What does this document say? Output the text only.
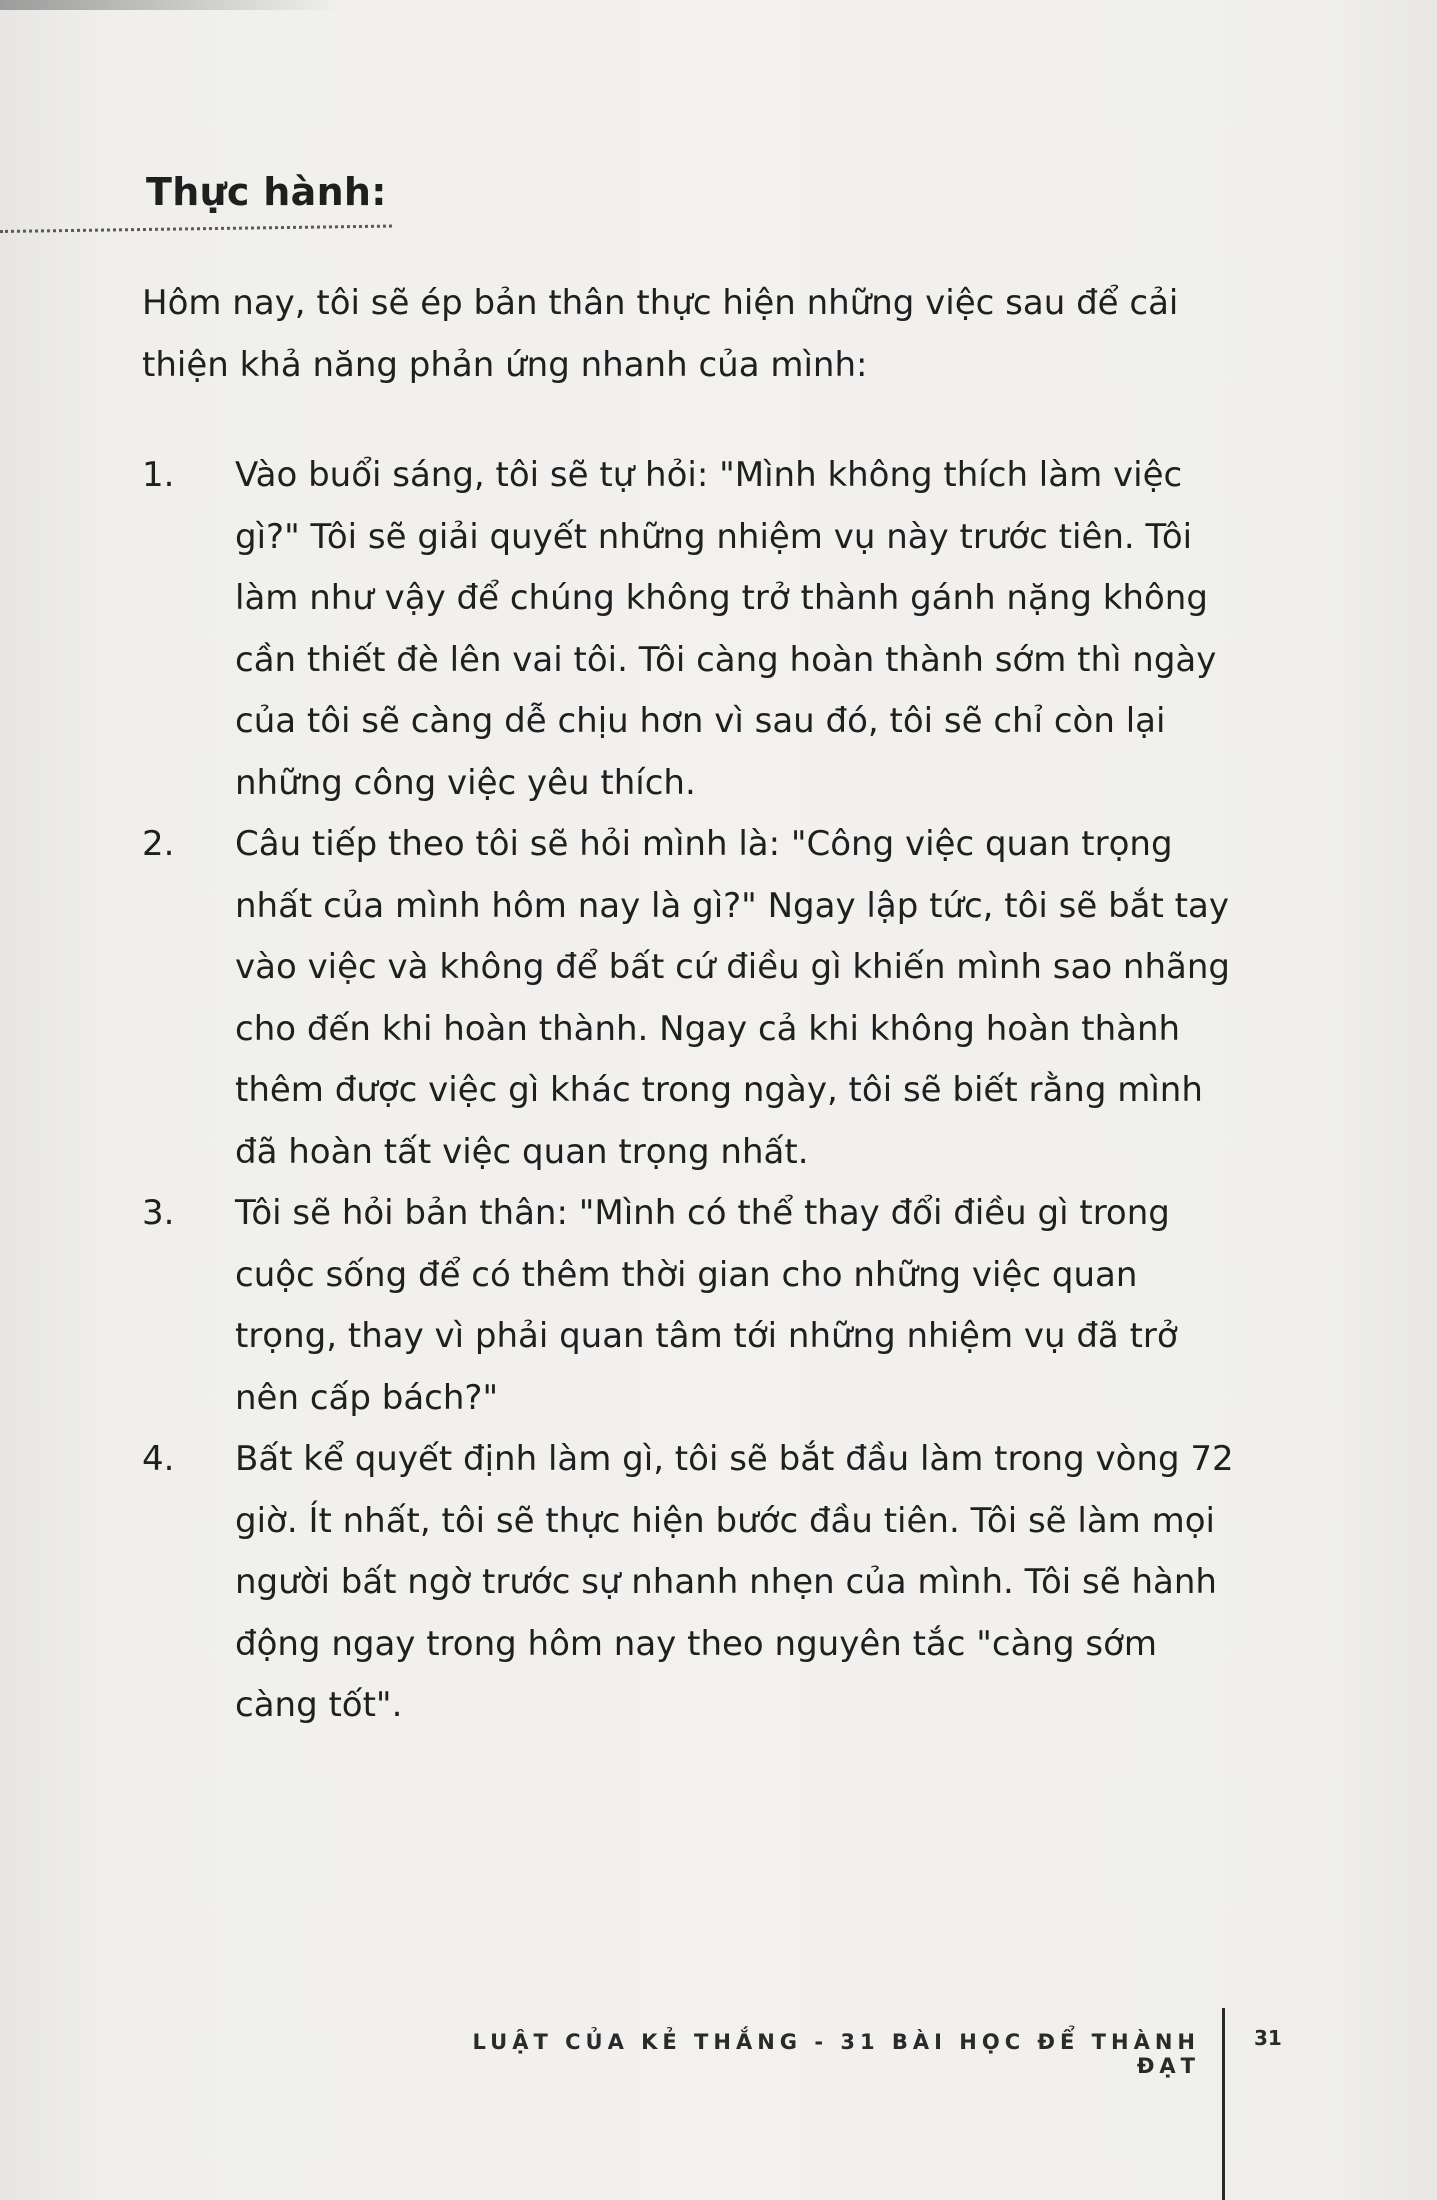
Thực hành:

Hôm nay, tôi sẽ ép bản thân thực hiện những việc sau để cải thiện khả năng phản ứng nhanh của mình:

1.	Vào buổi sáng, tôi sẽ tự hỏi: "Mình không thích làm việc gì?" Tôi sẽ giải quyết những nhiệm vụ này trước tiên. Tôi làm như vậy để chúng không trở thành gánh nặng không cần thiết đè lên vai tôi. Tôi càng hoàn thành sớm thì ngày của tôi sẽ càng dễ chịu hơn vì sau đó, tôi sẽ chỉ còn lại những công việc yêu thích.
2.	Câu tiếp theo tôi sẽ hỏi mình là: "Công việc quan trọng nhất của mình hôm nay là gì?" Ngay lập tức, tôi sẽ bắt tay vào việc và không để bất cứ điều gì khiến mình sao nhãng cho đến khi hoàn thành. Ngay cả khi không hoàn thành thêm được việc gì khác trong ngày, tôi sẽ biết rằng mình đã hoàn tất việc quan trọng nhất.
3.	Tôi sẽ hỏi bản thân: "Mình có thể thay đổi điều gì trong cuộc sống để có thêm thời gian cho những việc quan trọng, thay vì phải quan tâm tới những nhiệm vụ đã trở nên cấp bách?"
4.	Bất kể quyết định làm gì, tôi sẽ bắt đầu làm trong vòng 72 giờ. Ít nhất, tôi sẽ thực hiện bước đầu tiên. Tôi sẽ làm mọi người bất ngờ trước sự nhanh nhẹn của mình. Tôi sẽ hành động ngay trong hôm nay theo nguyên tắc "càng sớm càng tốt".
LUẬT CỦA KẺ THẮNG - 31 BÀI HỌC ĐỂ THÀNH ĐẠT
31
